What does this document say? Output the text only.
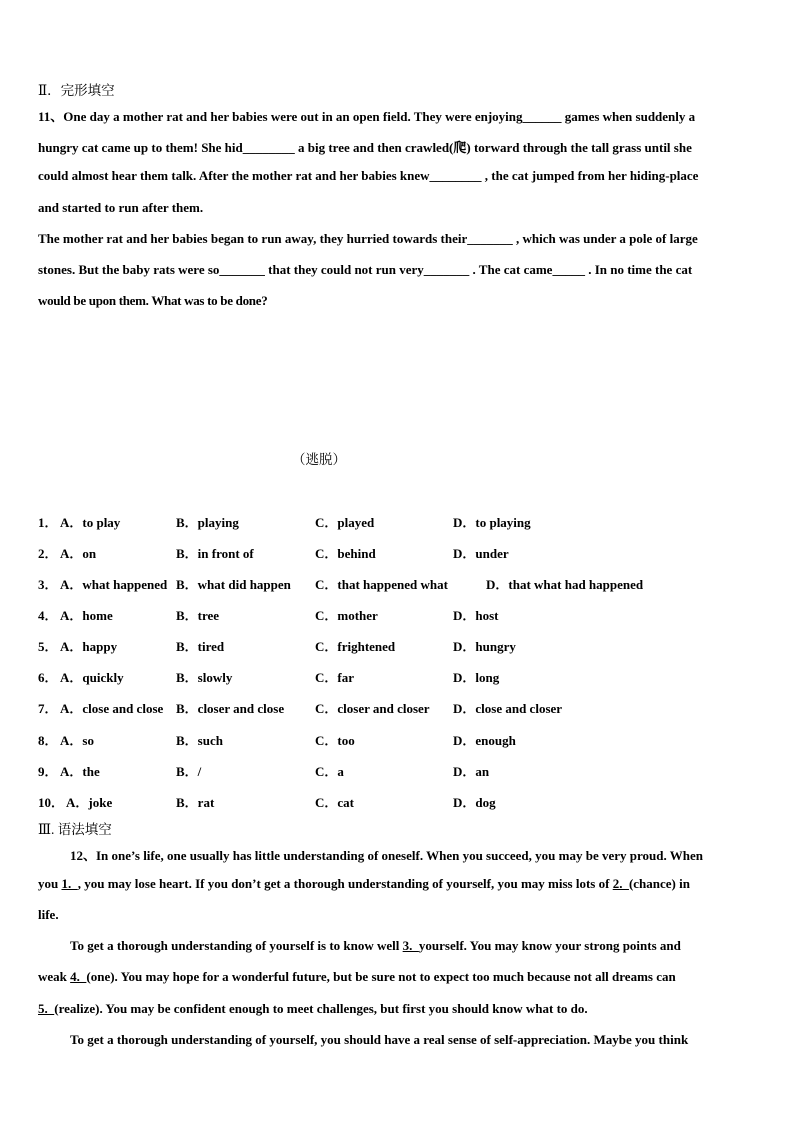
Ⅱ．完形填空
11、One day a mother rat and her babies were out in an open field. They were enjoying______ games when suddenly a
hungry cat came up to them! She hid________ a big tree and then crawled(爬) torward through the tall grass until she
could almost hear them talk. After the mother rat and her babies knew________ , the cat jumped from her hiding-place
and started to run after them.
The mother rat and her babies began to run away, they hurried towards their_______ , which was under a pole of large
stones. But the baby rats were so_______ that they could not run very_______ . The cat came_____ . In no time the cat
would be upon them. What was to be done?
（逃脱）
1． A．to play	B．playing	C．played	D．to playing
2． A．on	B．in front of	C．behind	D．under
3． A．what happened B．what did happen C．that happened what	D．that what had happened
4． A．home	B．tree	C．mother	D．host
5． A．happy	B．tired	C．frightened	D．hungry
6． A．quickly	B．slowly	C．far	D．long
7． A．close and close B．closer and close C．closer and closer D．close and closer
8． A．so	B．such	C．too	D．enough
9． A．the	B．/	C．a	D．an
10． A．joke	B．rat	C．cat	D．dog
Ⅲ. 语法填空
12、In one’s life, one usually has little understanding of oneself. When you succeed, you may be very proud. When
you 1.  , you may lose heart. If you don’t get a thorough understanding of yourself, you may miss lots of 2.  (chance) in
life.
To get a thorough understanding of yourself is to know well 3.  yourself. You may know your strong points and
weak 4.  (one). You may hope for a wonderful future, but be sure not to expect too much because not all dreams can
5.  (realize). You may be confident enough to meet challenges, but first you should know what to do.
To get a thorough understanding of yourself, you should have a real sense of self-appreciation. Maybe you think
